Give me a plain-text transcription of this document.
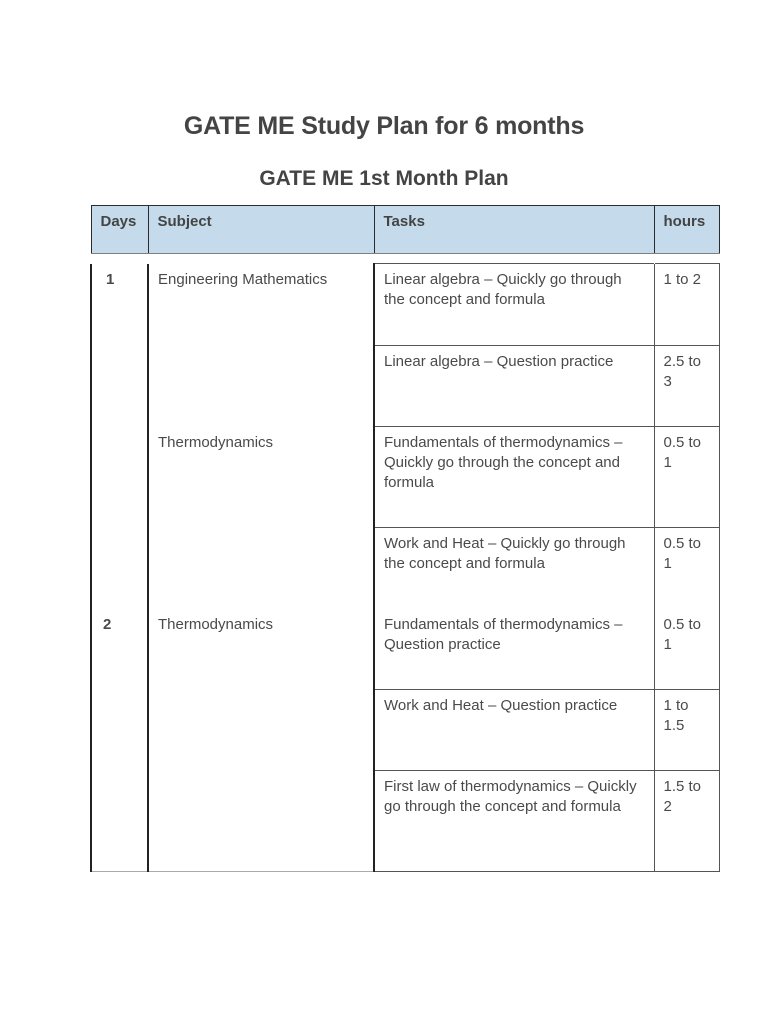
GATE ME Study Plan for 6 months
GATE ME 1st Month Plan
Days	Subject	Tasks	hours

1	Engineering Mathematics	Linear algebra – Quickly go through the concept and formula	1 to 2
		Linear algebra – Question practice	2.5 to 3
	Thermodynamics	Fundamentals of thermodynamics – Quickly go through the concept and formula	0.5 to 1
		Work and Heat – Quickly go through the concept and formula	0.5 to 1
2	Thermodynamics	Fundamentals of thermodynamics – Question practice	0.5 to 1
		Work and Heat – Question practice	1 to 1.5
		First law of thermodynamics – Quickly go through the concept and formula	1.5 to 2
